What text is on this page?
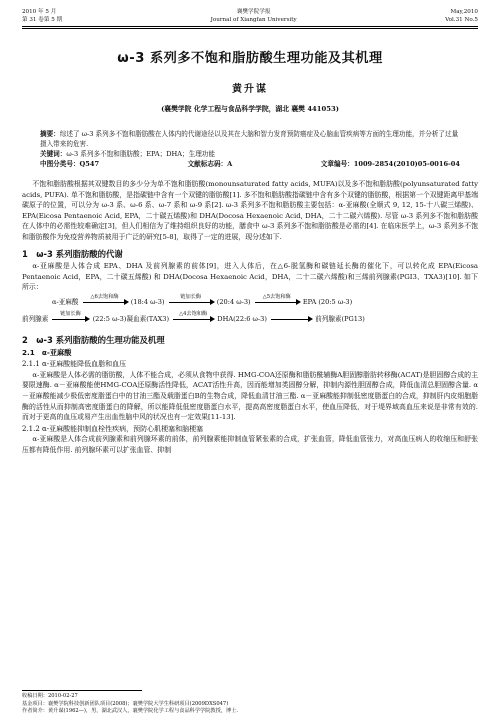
2010 年 5 月
第 31 卷第 5 期
襄樊学院学报
Journal of Xiangfan University
May,2010
Vol.31 No.5
ω-3 系列多不饱和脂肪酸生理功能及其机理
黄升谋
(襄樊学院 化学工程与食品科学学院，湖北 襄樊 441053)
摘要：综述了 ω-3 系列多不饱和脂肪酸在人体内的代谢途径以及其在大脑和智力发育预防癌症及心脑血管疾病等方面的生理功能，并分析了过量摄入带来的危害.
关键词：ω-3 系列多不饱和脂肪酸；EPA；DHA；生理功能
中图分类号：Q547	文献标志码：A	文章编号：1009-2854(2010)05-0016-04

不饱和脂肪酸根据其双键数目的多少分为单不饱和脂肪酸(monounsaturated fatty acids, MUFA)以及多不饱和脂肪酸(polyunsaturated fatty acids, PUFA). 单不饱和脂肪酸，是指碳链中含有一个双键的脂肪酸[1]. 多不饱和脂肪酸指碳链中含有多个双键的脂肪酸，根据第一个双键距离甲基端碳原子的位置，可以分为 ω-3 系、ω-6 系、ω-7 系和 ω-9 系[2]. ω-3 系列多不饱和脂肪酸主要包括：α-亚麻酸(全顺式 9, 12, 15-十八碳三烯酸)、EPA(Eicosa Pentaenoic Acid, EPA，二十碳五烯酸)和 DHA(Docosa Hexaenoic Acid, DHA，二十二碳六烯酸). 尽管 ω-3 系列多不饱和脂肪酸在人体中的必需性较难确定[3]，但人们相信为了维持组织良好的功能，膳食中 ω-3 系列多不饱和脂肪酸是必需的[4]. 在临床医学上，ω-3 系列多不饱和脂肪酸作为免疫营养物质被用于广泛的研究[5-8]，取得了一定的进展，现分述如下.

1　ω-3 系列脂肪酸的代谢

α-亚麻酸是人体合成 EPA、DHA 及前列腺素的前体[9]，进入人体后，在△6-脱氢酶和碳链延长酶的催化下，可以转化成 EPA(Eicosa Pentaenoic Acid，EPA，二十碳五烯酸) 和 DHA(Docosa Hexaenoic Acid，DHA，二十二碳六烯酸)和三烯前列腺素(PGI3、TXA3)[10]. 如下所示：

α-亚麻酸
△6去饱和酶
(18:4 ω-3)
链加长酶
(20:4 ω-3)
△5去饱和酶
EPA (20:5 ω-3)
前列腺素
链加长酶
(22:5 ω-3)凝血素(TAX3)
△4去饱和酶
DHA(22:6 ω-3)	前列腺素(PG13)
2　ω-3 系列脂肪酸的生理功能及机理
2.1　α-亚麻酸
2.1.1 α-亚麻酸能降低血脂和血压

α-亚麻酸是人体必需的脂肪酸，人体不能合成，必须从食物中获得. HMG-COA还原酶和脂肪酰辅酶A胆固醇脂肪转移酶(ACAT)是胆固醇合成的主要限速酶. α－亚麻酸能使HMG-COA还原酶活性降低，ACAT活性升高，因而能增加类固醇分解，抑制内源性胆固醇合成，降低血清总胆固醇含量. α－亚麻酸能减少极低密度脂蛋白中的甘油三酯及载脂蛋白B的生物合成，降低血清甘油三酯. α－亚麻酸能抑制低密度脂蛋白的合成，抑制肝内皮细胞脂酶的活性从而抑制高密度脂蛋白的降解，所以能降低低密度脂蛋白水平，提高高密度脂蛋白水平，使血压降低，对于堤界域高血压来说是非常有效的. 而对于更高的血压或易产生出血性脑中风的状况也有一定效果[11-13].

2.1.2 α-亚麻酸能抑制血栓性疾病，预防心肌梗塞和脑梗塞

α-亚麻酸是人体合成前列腺素和前列腺环素的前体，前列腺素能抑制血管紧张素的合成，扩张血管，降低血管张力，对高血压病人的收缩压和舒张压都有降低作用. 前列腺环素可以扩张血管、抑制

收稿日期：2010-02-27
基金项目：襄樊学院科技创新团队项目(2008)；襄樊学院大学生科研项目(2009DXS047)
作者简介：黄升谋(1962—)，男，湖北武汉人，襄樊学院化学工程与食品科学学院教授，博士.
